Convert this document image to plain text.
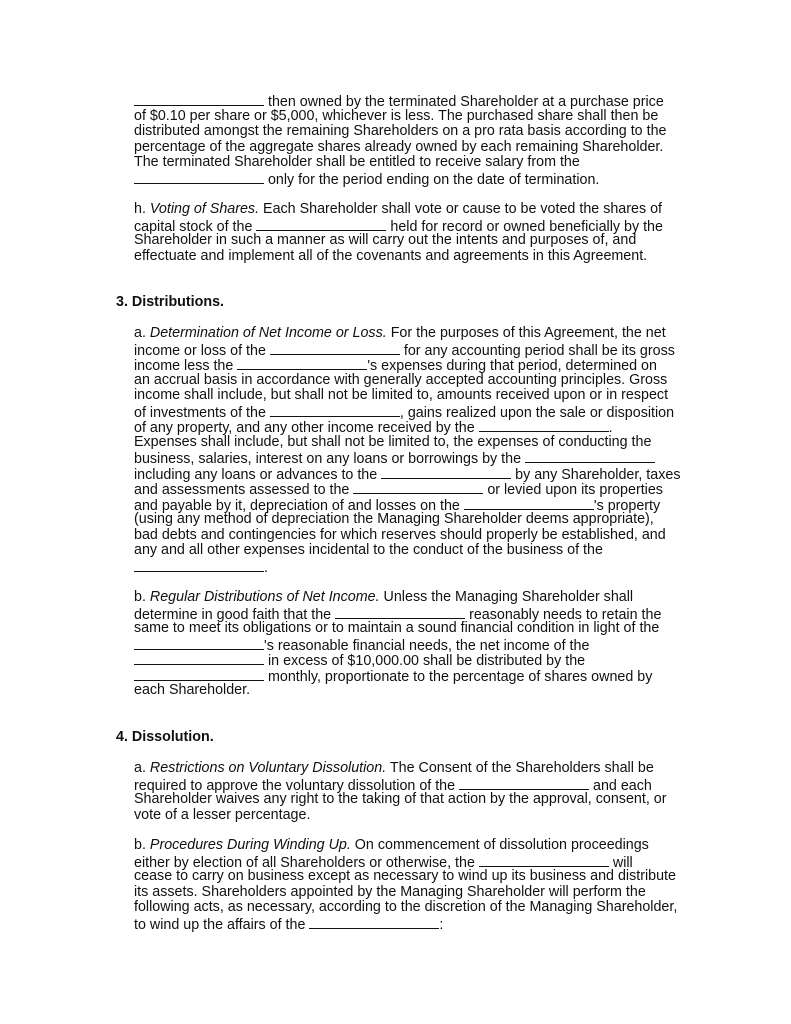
then owned by the terminated Shareholder at a purchase price
of $0.10 per share or $5,000, whichever is less. The purchased share shall then be
distributed amongst the remaining Shareholders on a pro rata basis according to the
percentage of the aggregate shares already owned by each remaining Shareholder.
The terminated Shareholder shall be entitled to receive salary from the
only for the period ending on the date of termination.
h. Voting of Shares. Each Shareholder shall vote or cause to be voted the shares of
capital stock of the	held for record or owned beneficially by the
Shareholder in such a manner as will carry out the intents and purposes of, and
effectuate and implement all of the covenants and agreements in this Agreement.
3. Distributions.
a. Determination of Net Income or Loss. For the purposes of this Agreement, the net
income or loss of the	for any accounting period shall be its gross
income less the	's expenses during that period, determined on
an accrual basis in accordance with generally accepted accounting principles. Gross
income shall include, but shall not be limited to, amounts received upon or in respect
of investments of the	, gains realized upon the sale or disposition
of any property, and any other income received by the	.
Expenses shall include, but shall not be limited to, the expenses of conducting the
business, salaries, interest on any loans or borrowings by the
including any loans or advances to the	by any Shareholder, taxes
and assessments assessed to the	or levied upon its properties
and payable by it, depreciation of and losses on the	's property
(using any method of depreciation the Managing Shareholder deems appropriate),
bad debts and contingencies for which reserves should properly be established, and
any and all other expenses incidental to the conduct of the business of the
.
b. Regular Distributions of Net Income. Unless the Managing Shareholder shall
determine in good faith that the	reasonably needs to retain the
same to meet its obligations or to maintain a sound financial condition in light of the
's reasonable financial needs, the net income of the
in excess of $10,000.00 shall be distributed by the
monthly, proportionate to the percentage of shares owned by
each Shareholder.
4. Dissolution.
a. Restrictions on Voluntary Dissolution. The Consent of the Shareholders shall be
required to approve the voluntary dissolution of the	and each
Shareholder waives any right to the taking of that action by the approval, consent, or
vote of a lesser percentage.
b. Procedures During Winding Up. On commencement of dissolution proceedings
either by election of all Shareholders or otherwise, the	will
cease to carry on business except as necessary to wind up its business and distribute
its assets. Shareholders appointed by the Managing Shareholder will perform the
following acts, as necessary, according to the discretion of the Managing Shareholder,
to wind up the affairs of the	:
